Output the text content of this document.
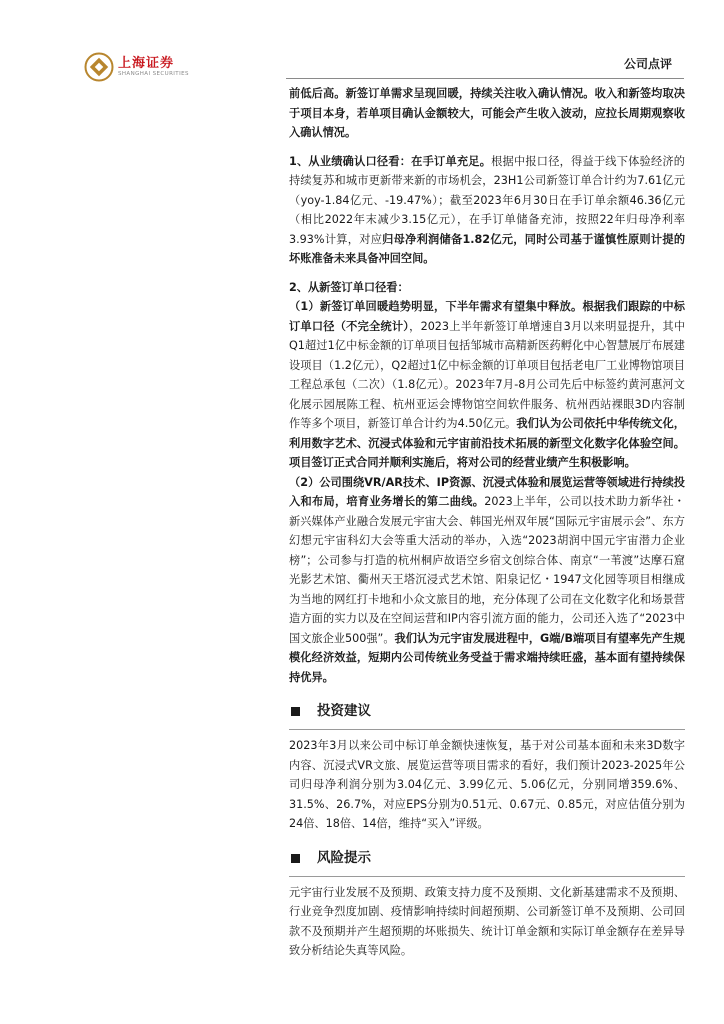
上海证券
SHANGHAI SECURITIES
公司点评

前低后高。新签订单需求呈现回暖，持续关注收入确认情况。收入和新签均取决于项目本身，若单项目确认金额较大，可能会产生收入波动，应拉长周期观察收入确认情况。

1、从业绩确认口径看：在手订单充足。根据中报口径，得益于线下体验经济的持续复苏和城市更新带来新的市场机会，23H1公司新签订单合计约为7.61亿元（yoy-1.84亿元、-19.47%）；截至2023年6月30日在手订单余额46.36亿元（相比2022年末减少3.15亿元），在手订单储备充沛，按照22年归母净利率3.93%计算，对应归母净利润储备1.82亿元，同时公司基于谨慎性原则计提的坏账准备未来具备冲回空间。

2、从新签订单口径看：

（1）新签订单回暖趋势明显，下半年需求有望集中释放。根据我们跟踪的中标订单口径（不完全统计），2023上半年新签订单增速自3月以来明显提升，其中Q1超过1亿中标金额的订单项目包括邹城市高精新医药孵化中心智慧展厅布展建设项目（1.2亿元），Q2超过1亿中标金额的订单项目包括老电厂工业博物馆项目工程总承包（二次）（1.8亿元）。2023年7月-8月公司先后中标签约黄河惠河文化展示园展陈工程、杭州亚运会博物馆空间软件服务、杭州西站裸眼3D内容制作等多个项目，新签订单合计约为4.50亿元。我们认为公司依托中华传统文化，利用数字艺术、沉浸式体验和元宇宙前沿技术拓展的新型文化数字化体验空间。项目签订正式合同并顺利实施后，将对公司的经营业绩产生积极影响。

（2）公司围绕VR/AR技术、IP资源、沉浸式体验和展览运营等领域进行持续投入和布局，培育业务增长的第二曲线。2023上半年，公司以技术助力新华社・新兴媒体产业融合发展元宇宙大会、韩国光州双年展“国际元宇宙展示会”、东方幻想元宇宙科幻大会等重大活动的举办，入选“2023胡润中国元宇宙潜力企业榜”；公司参与打造的杭州桐庐故语空乡宿文创综合体、南京“一苇渡”达摩石窟光影艺术馆、衢州天王塔沉浸式艺术馆、阳泉记忆・1947文化园等项目相继成为当地的网红打卡地和小众文旅目的地，充分体现了公司在文化数字化和场景营造方面的实力以及在空间运营和IP内容引流方面的能力，公司还入选了“2023中国文旅企业500强”。我们认为元宇宙发展进程中，G端/B端项目有望率先产生规模化经济效益，短期内公司传统业务受益于需求端持续旺盛，基本面有望持续保持优异。

投资建议

2023年3月以来公司中标订单金额快速恢复，基于对公司基本面和未来3D数字内容、沉浸式VR文旅、展览运营等项目需求的看好，我们预计2023-2025年公司归母净利润分别为3.04亿元、3.99亿元、5.06亿元，分别同增359.6%、31.5%、26.7%，对应EPS分别为0.51元、0.67元、0.85元，对应估值分别为24倍、18倍、14倍，维持“买入”评级。

风险提示

元宇宙行业发展不及预期、政策支持力度不及预期、文化新基建需求不及预期、行业竞争烈度加剧、疫情影响持续时间超预期、公司新签订单不及预期、公司回款不及预期并产生超预期的坏账损失、统计订单金额和实际订单金额存在差异导致分析结论失真等风险。
